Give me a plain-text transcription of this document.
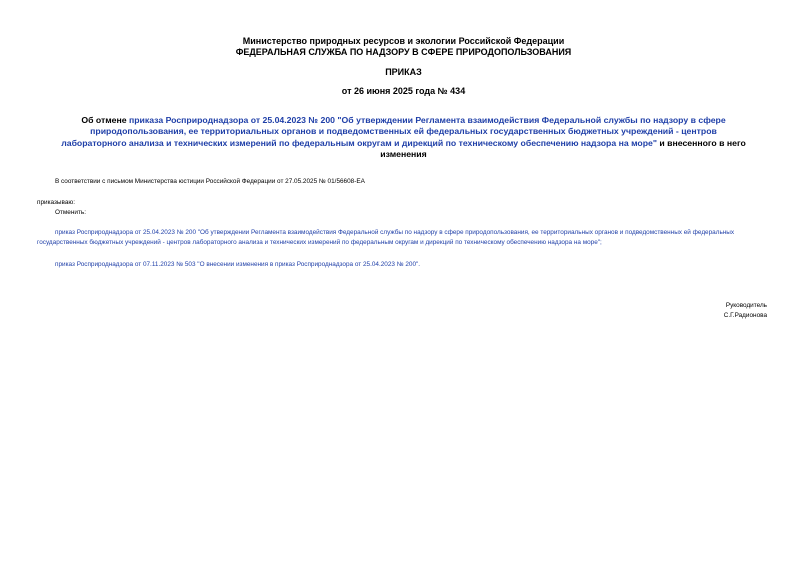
Министерство природных ресурсов и экологии Российской Федерации
ФЕДЕРАЛЬНАЯ СЛУЖБА ПО НАДЗОРУ В СФЕРЕ ПРИРОДОПОЛЬЗОВАНИЯ
ПРИКАЗ
от 26 июня 2025 года № 434
Об отмене приказа Росприроднадзора от 25.04.2023 № 200 "Об утверждении Регламента взаимодействия Федеральной службы по надзору в сфере природопользования, ее территориальных органов и подведомственных ей федеральных государственных бюджетных учреждений - центров лабораторного анализа и технических измерений по федеральным округам и дирекций по техническому обеспечению надзора на море" и внесенного в него изменения
В соответствии с письмом Министерства юстиции Российской Федерации от 27.05.2025 № 01/56608-ЕА
приказываю:
Отменить:
приказ Росприроднадзора от 25.04.2023 № 200 "Об утверждении Регламента взаимодействия Федеральной службы по надзору в сфере природопользования, ее территориальных органов и подведомственных ей федеральных государственных бюджетных учреждений - центров лабораторного анализа и технических измерений по федеральным округам и дирекций по техническому обеспечению надзора на море";
приказ Росприроднадзора от 07.11.2023 № 503 "О внесении изменения в приказ Росприроднадзора от 25.04.2023 № 200".
Руководитель
С.Г.Радионова
